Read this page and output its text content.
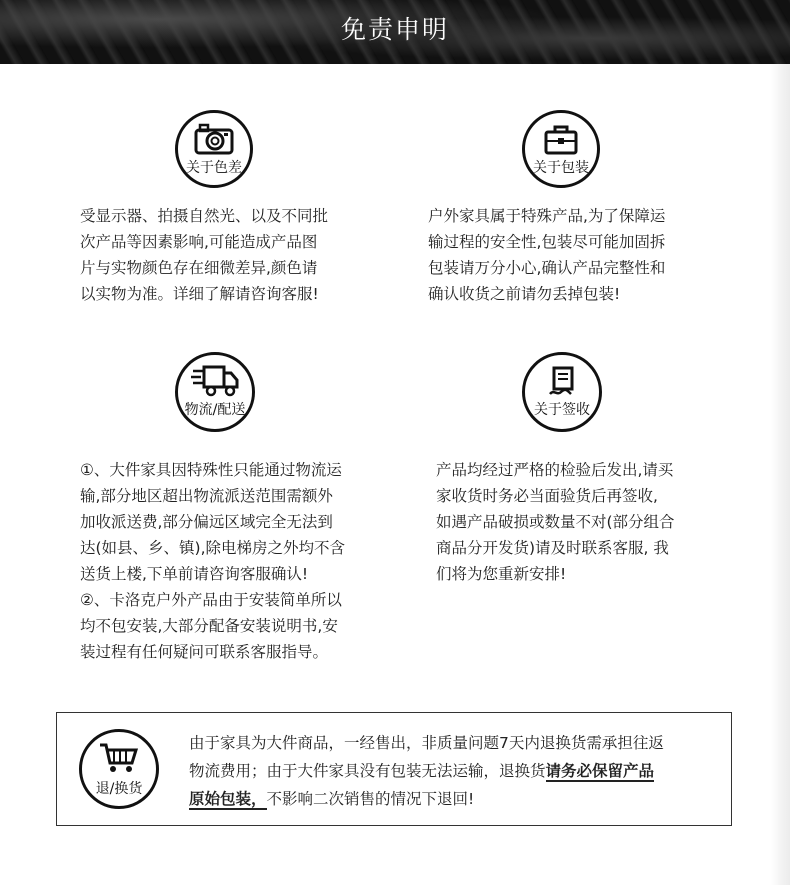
免责申明
关于色差
受显示器、拍摄自然光、以及不同批
次产品等因素影响,可能造成产品图
片与实物颜色存在细微差异,颜色请
以实物为准。详细了解请咨询客服!
关于包装
户外家具属于特殊产品,为了保障运
输过程的安全性,包装尽可能加固拆
包装请万分小心,确认产品完整性和
确认收货之前请勿丢掉包装!
物流/配送
①、大件家具因特殊性只能通过物流运
输,部分地区超出物流派送范围需额外
加收派送费,部分偏远区域完全无法到
达(如县、乡、镇),除电梯房之外均不含
送货上楼,下单前请咨询客服确认!
②、卡洛克户外产品由于安装简单所以
均不包安装,大部分配备安装说明书,安
装过程有任何疑问可联系客服指导。
关于签收
产品均经过严格的检验后发出,请买
家收货时务必当面验货后再签收,
如遇产品破损或数量不对(部分组合
商品分开发货)请及时联系客服, 我
们将为您重新安排!
退/换货
由于家具为大件商品，一经售出，非质量问题7天内退换货需承担往返
物流费用；由于大件家具没有包装无法运输，退换货请务必保留产品
原始包装，不影响二次销售的情况下退回!
